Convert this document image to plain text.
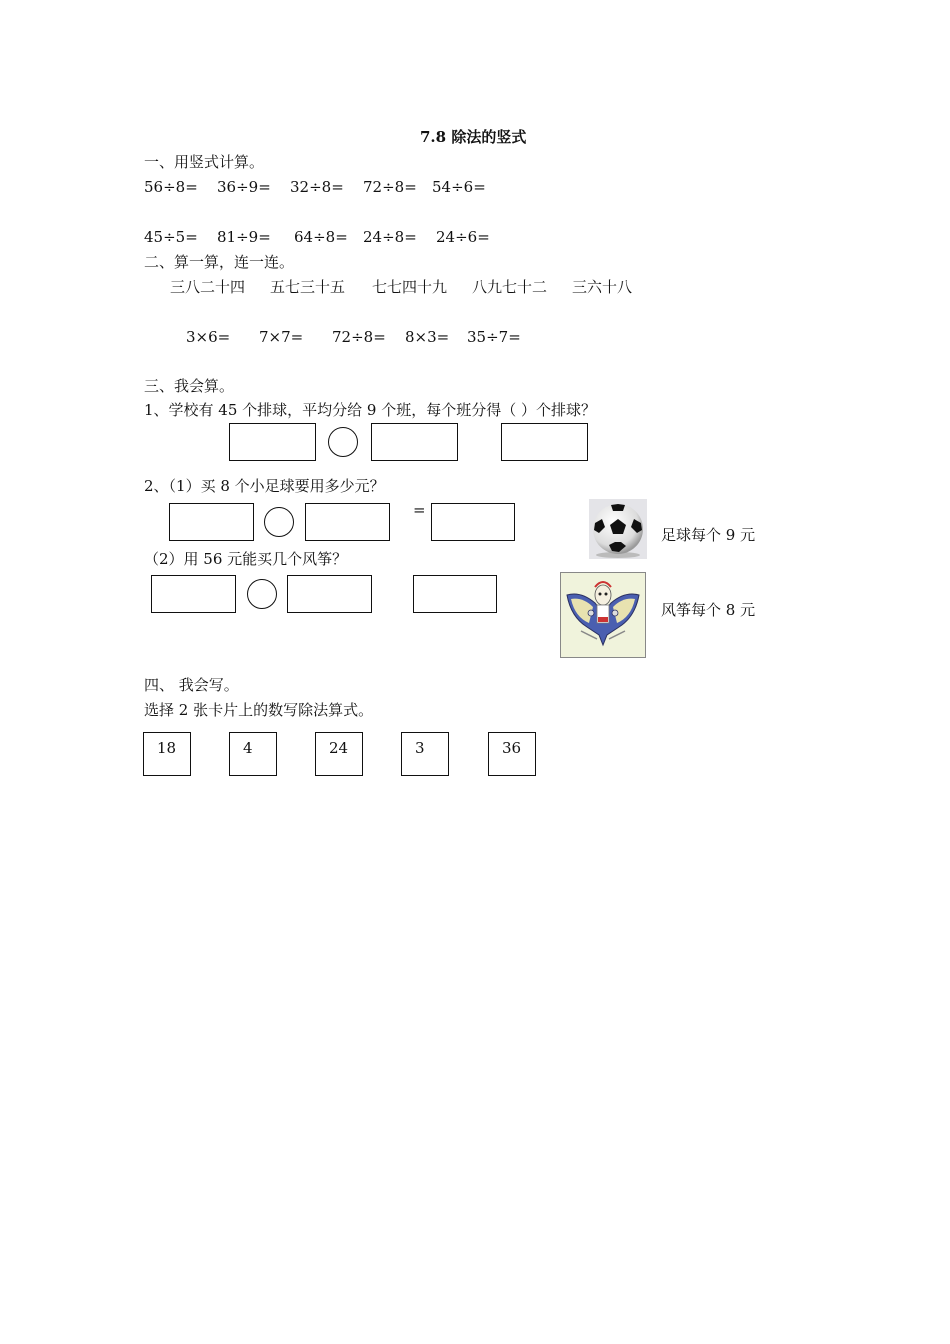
7.8 除法的竖式
一、用竖式计算。
56÷8= 36÷9= 32÷8= 72÷8= 54÷6=
45÷5= 81÷9= 64÷8= 24÷8= 24÷6=
二、算一算，连一连。
三八二十四 五七三十五 七七四十九 八九七十二 三六十八
3×6= 7×7= 72÷8= 8×3= 35÷7=
三、我会算。
1、学校有 45 个排球，平均分给 9 个班，每个班分得（ ）个排球？
2、（1）买 8 个小足球要用多少元？
=
足球每个 9 元
（2）用 56 元能买几个风筝？
风筝每个 8 元
四、 我会写。
选择 2 张卡片上的数写除法算式。
18	4	24	3	36
